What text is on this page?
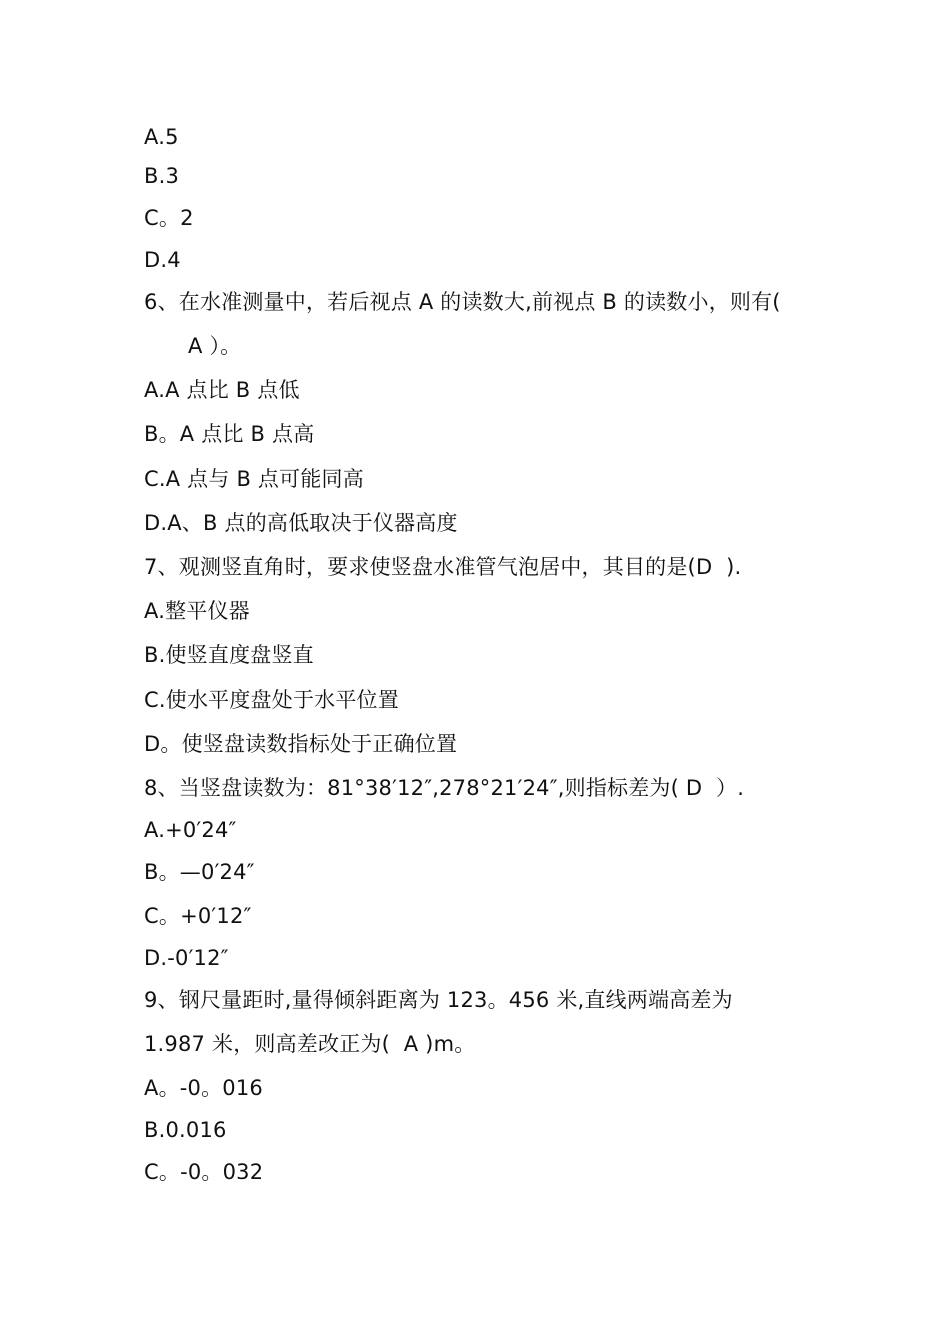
A.5
B.3
C。2
D.4
6、在水准测量中，若后视点 A 的读数大,前视点 B 的读数小，则有(
A ）。
A.A 点比 B 点低
B。A 点比 B 点高
C.A 点与 B 点可能同高
D.A、B 点的高低取决于仪器高度
7、观测竖直角时，要求使竖盘水准管气泡居中，其目的是(D  ).
A.整平仪器
B.使竖直度盘竖直
C.使水平度盘处于水平位置
D。使竖盘读数指标处于正确位置
8、当竖盘读数为：81°38′12″,278°21′24″,则指标差为( D  ）.
A.+0′24″
B。—0′24″
C。+0′12″
D.-0′12″
9、钢尺量距时,量得倾斜距离为 123。456 米,直线两端高差为
1.987 米，则高差改正为(  A )m。
A。-0。016
B.0.016
C。-0。032
